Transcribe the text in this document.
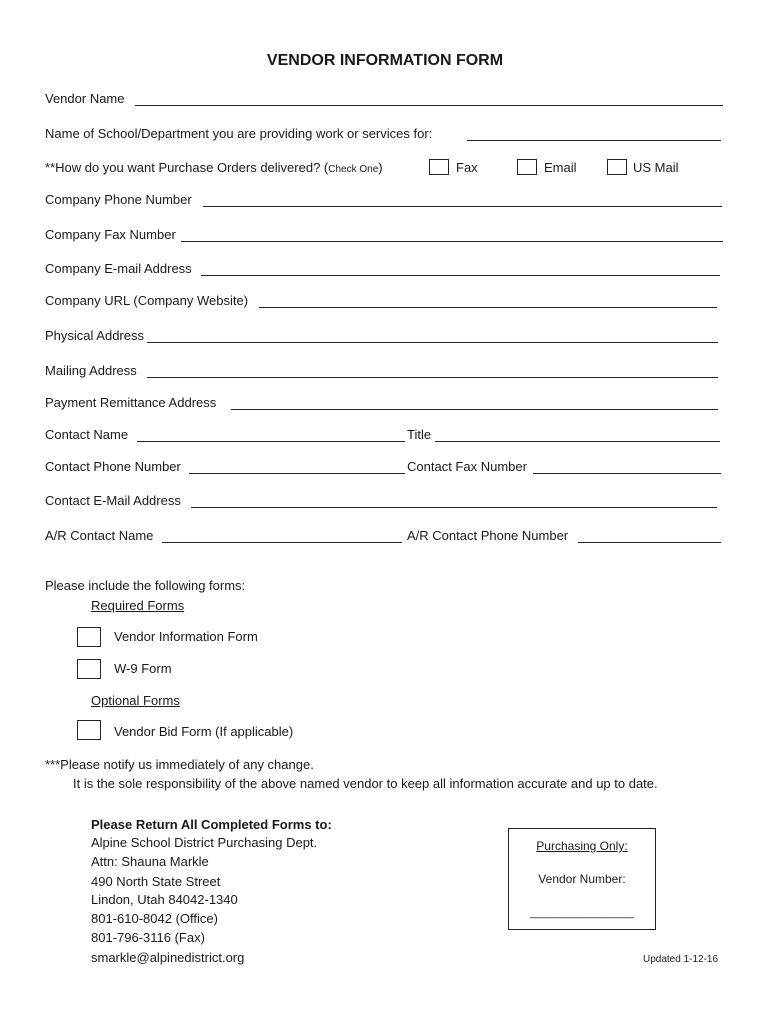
VENDOR INFORMATION FORM
Vendor Name
Name of School/Department you are providing work or services for:
**How do you want Purchase Orders delivered? (Check One)	Fax	Email	US Mail
Company Phone Number
Company Fax Number
Company E-mail Address
Company URL (Company Website)
Physical Address
Mailing Address
Payment Remittance Address
Contact Name	Title
Contact Phone Number	Contact Fax Number
Contact E-Mail Address
A/R Contact Name	A/R Contact Phone Number
Please include the following forms:
Required Forms
Vendor Information Form
W-9 Form
Optional Forms
Vendor Bid Form (If applicable)
***Please notify us immediately of any change.
It is the sole responsibility of the above named vendor to keep all information accurate and up to date.
Please Return All Completed Forms to:
Alpine School District Purchasing Dept.
Attn: Shauna Markle
490 North State Street
Lindon, Utah 84042-1340
801-610-8042 (Office)
801-796-3116 (Fax)
smarkle@alpinedistrict.org
Purchasing Only:
Vendor Number:
_________________
Updated 1-12-16
